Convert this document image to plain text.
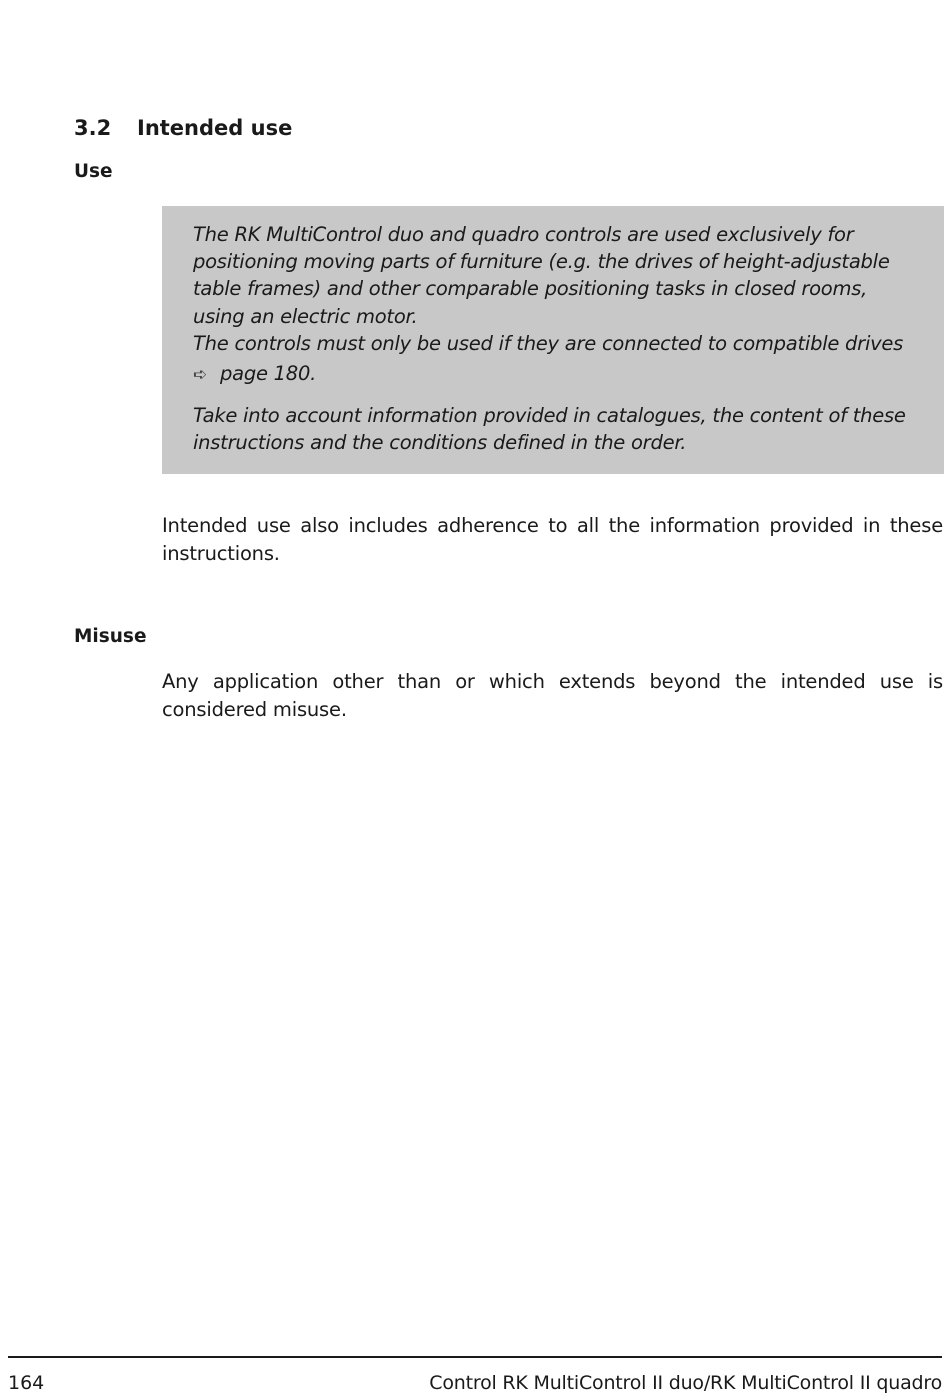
3.2	Intended use
Use

The RK MultiControl duo and quadro controls are used exclusively for positioning moving parts of furniture (e.g. the drives of height-adjustable table frames) and other comparable positioning tasks in closed rooms, using an electric motor.
The controls must only be used if they are connected to compatible drives
➪ page 180.

Take into account information provided in catalogues, the content of these instructions and the conditions defined in the order.

Intended use also includes adherence to all the information provided in these instructions.

Misuse

Any application other than or which extends beyond the intended use is considered misuse.

164	Control RK MultiControl II duo/RK MultiControl II quadro
